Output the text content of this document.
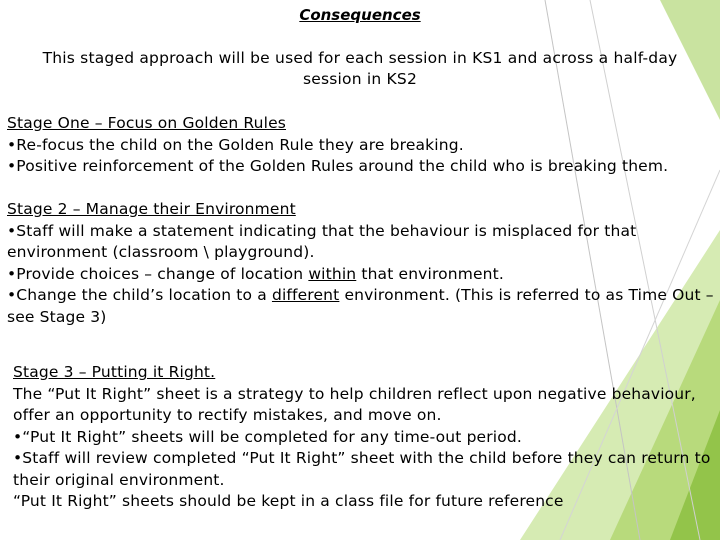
Consequences
This staged approach will be used for each session in KS1 and across a half-day session in KS2
Stage One – Focus on Golden Rules
•Re-focus the child on the Golden Rule they are breaking.
•Positive reinforcement of the Golden Rules around the child who is breaking them.
Stage 2 – Manage their Environment
•Staff will make a statement indicating that the behaviour is misplaced for that environment (classroom \ playground).
•Provide choices – change of location within that environment.
•Change the child’s location to a different environment. (This is referred to as Time Out – see Stage 3)
Stage 3 – Putting it Right.
The “Put It Right” sheet is a strategy to help children reflect upon negative behaviour, offer an opportunity to rectify mistakes, and move on.
•“Put It Right” sheets will be completed for any time-out period.
•Staff will review completed “Put It Right” sheet with the child before they can return to their original environment.
“Put It Right” sheets should be kept in a class file for future reference
